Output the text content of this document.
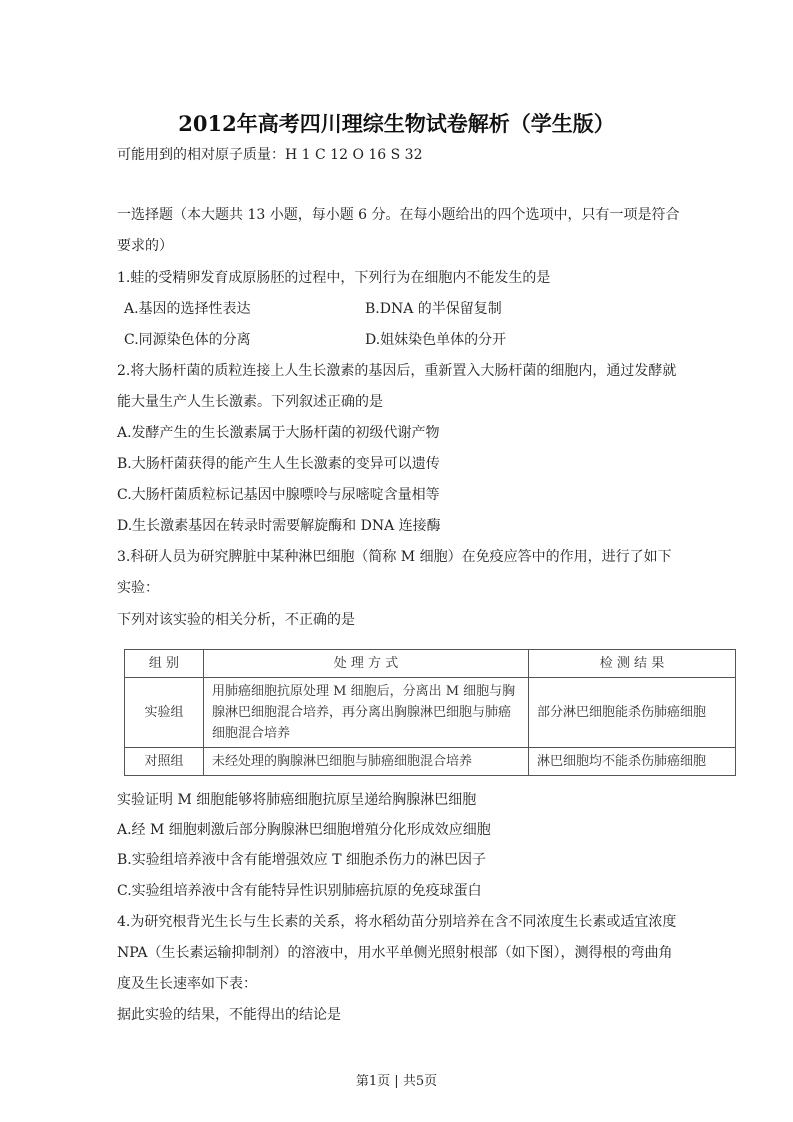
2012年高考四川理综生物试卷解析（学生版）
可能用到的相对原子质量：H 1 C 12 O 16 S 32
一选择题（本大题共 13 小题，每小题 6 分。在每小题给出的四个选项中，只有一项是符合
要求的）
1.蛙的受精卵发育成原肠胚的过程中，下列行为在细胞内不能发生的是
A.基因的选择性表达	B.DNA 的半保留复制
C.同源染色体的分离	D.姐妹染色单体的分开
2.将大肠杆菌的质粒连接上人生长激素的基因后，重新置入大肠杆菌的细胞内，通过发酵就
能大量生产人生长激素。下列叙述正确的是
A.发酵产生的生长激素属于大肠杆菌的初级代谢产物
B.大肠杆菌获得的能产生人生长激素的变异可以遗传
C.大肠杆菌质粒标记基因中腺嘌呤与尿嘧啶含量相等
D.生长激素基因在转录时需要解旋酶和 DNA 连接酶
3.科研人员为研究脾脏中某种淋巴细胞（简称 M 细胞）在免疫应答中的作用，进行了如下
实验：
下列对该实验的相关分析，不正确的是
组 别	处 理 方 式	检 测 结 果
实验组	用肺癌细胞抗原处理 M 细胞后，分离出 M 细胞与胸腺淋巴细胞混合培养，再分离出胸腺淋巴细胞与肺癌细胞混合培养	部分淋巴细胞能杀伤肺癌细胞
对照组	未经处理的胸腺淋巴细胞与肺癌细胞混合培养	淋巴细胞均不能杀伤肺癌细胞
实验证明 M 细胞能够将肺癌细胞抗原呈递给胸腺淋巴细胞
A.经 M 细胞刺激后部分胸腺淋巴细胞增殖分化形成效应细胞
B.实验组培养液中含有能增强效应 T 细胞杀伤力的淋巴因子
C.实验组培养液中含有能特异性识别肺癌抗原的免疫球蛋白
4.为研究根背光生长与生长素的关系，将水稻幼苗分别培养在含不同浓度生长素或适宜浓度
NPA（生长素运输抑制剂）的溶液中，用水平单侧光照射根部（如下图），测得根的弯曲角
度及生长速率如下表：
据此实验的结果，不能得出的结论是
第1页 | 共5页
